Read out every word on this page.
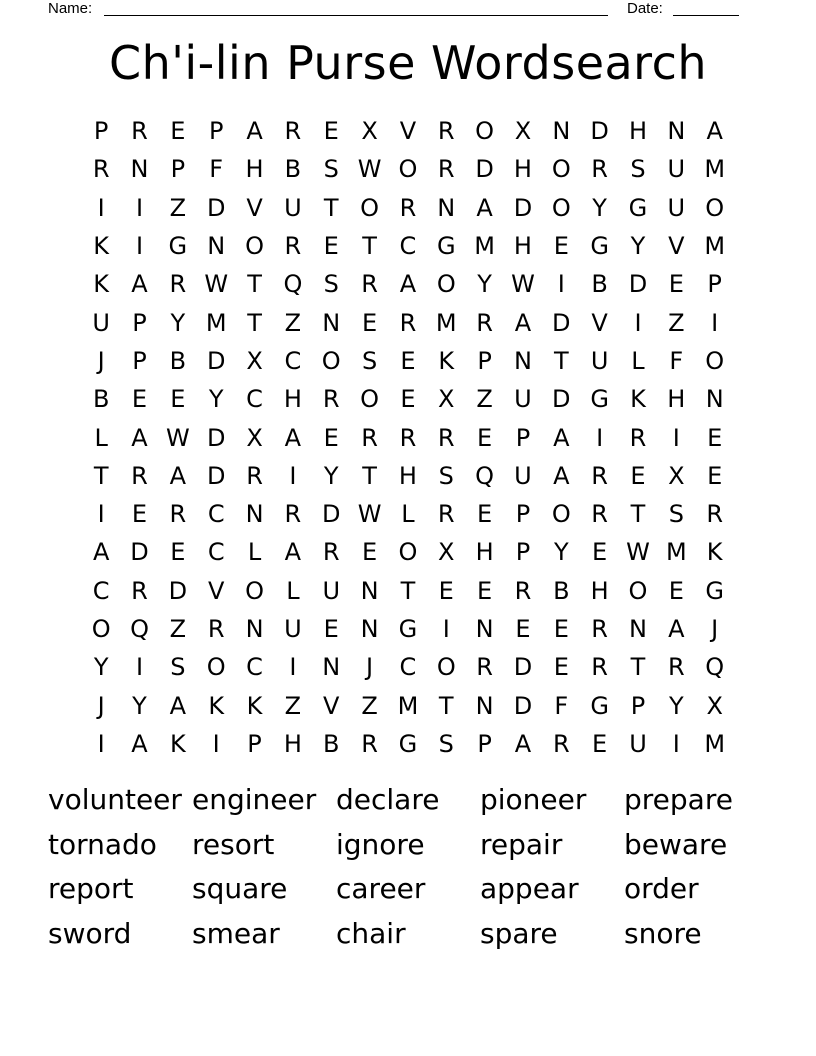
Name:	Date:
Ch'i-lin Purse Wordsearch
P R E P A R E X V R O X N D H N A
R N P	F H B S W O R D H O R S U M
I	I	Z D V U T O R N A D O Y G U O
K	I	G N O R E T C G M H E G Y V M
K A R W T Q S R A O Y W I	B D E P
U P Y M T Z N E R M R A D V	I	Z	I
J	P B D X C O S E K P N T U L	F O
B E E Y C H R O E X Z U D G K H N
L A W D X A E R R R E P A	I	R	I	E
T R A D R	I	Y T H S Q U A R E X E
I	E R C N R D W L R E P O R T S R
A D E C L A R E O X H P Y E W M K
C R D V O L U N T E E R B H O E G
O Q Z R N U E N G	I	N E E R N A	J
Y	I	S O C	I	N	J	C O R D E R T R Q
J	Y A K K Z V Z M T N D F G P Y X
I	A K	I	P H B R G S P A R E U	I	M
volunteer engineer declare	pioneer	prepare
tornado	resort	ignore	repair	beware
report	square	career	appear	order
sword	smear	chair	spare	snore
